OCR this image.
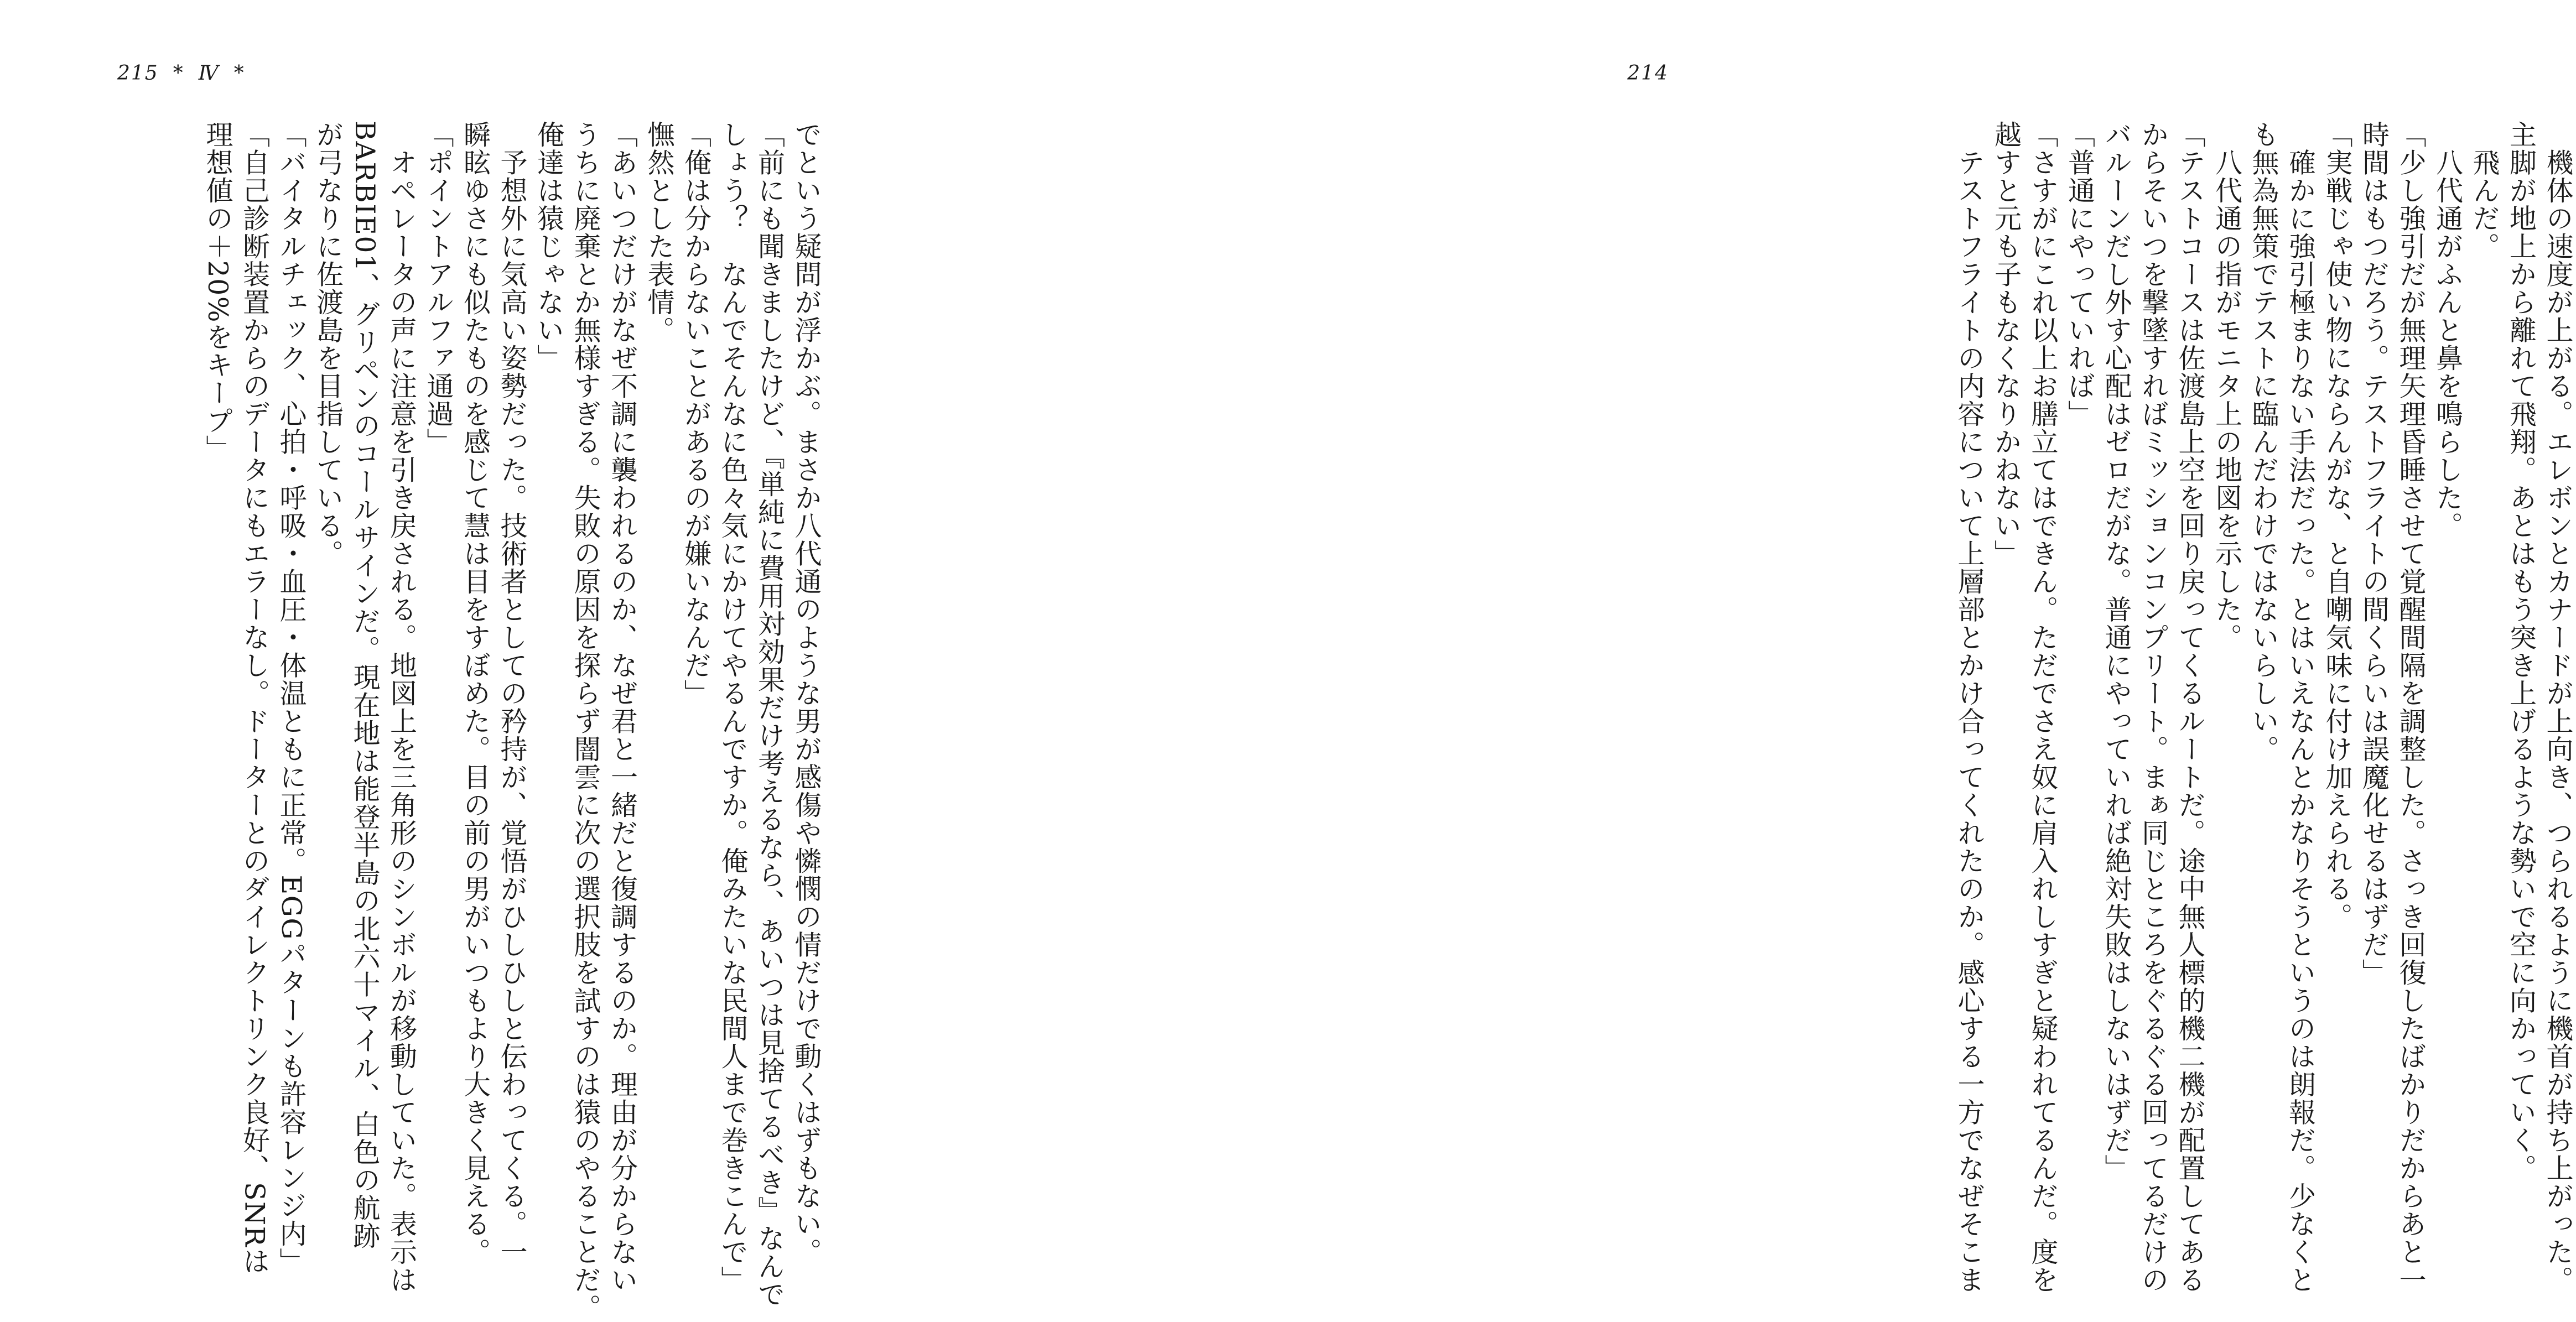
215 * Ⅳ *
でという疑問が浮かぶ。まさか八代通のような男が感傷や憐憫の情だけで動くはずもない。
「前にも聞きましたけど、『単純に費用対効果だけ考えるなら、あいつは見捨てるべき』なんで
しょう？　なんでそんなに色々気にかけてやるんですか。俺みたいな民間人まで巻きこんで」
「俺は分からないことがあるのが嫌いなんだ」
憮然とした表情。
「あいつだけがなぜ不調に襲われるのか、なぜ君と一緒だと復調するのか。理由が分からない
うちに廃棄とか無様すぎる。失敗の原因を探らず闇雲に次の選択肢を試すのは猿のやることだ。
俺達は猿じゃない」
　予想外に気高い姿勢だった。技術者としての矜持が、覚悟がひしひしと伝わってくる。一
瞬眩ゆさにも似たものを感じて慧は目をすぼめた。目の前の男がいつもより大きく見える。
「ポイントアルファ通過」
　オペレータの声に注意を引き戻される。地図上を三角形のシンボルが移動していた。表示は
BARBIE01、グリペンのコールサインだ。現在地は能登半島の北六十マイル、白色の航跡
が弓なりに佐渡島を目指している。
「バイタルチェック、心拍・呼吸・血圧・体温ともに正常。EGGパターンも許容レンジ内」
「自己診断装置からのデータにもエラーなし。ドーターとのダイレクトリンク良好、SNRは
理想値の＋20%をキープ」
214
　機体の速度が上がる。エレボンとカナードが上向き、つられるように機首が持ち上がった。
主脚が地上から離れて飛翔。あとはもう突き上げるような勢いで空に向かっていく。
　飛んだ。
　八代通がふんと鼻を鳴らした。
「少し強引だが無理矢理昏睡させて覚醒間隔を調整した。さっき回復したばかりだからあと一
時間はもつだろう。テストフライトの間くらいは誤魔化せるはずだ」
「実戦じゃ使い物にならんがな、と自嘲気味に付け加えられる。
　確かに強引極まりない手法だった。とはいえなんとかなりそうというのは朗報だ。少なくと
も無為無策でテストに臨んだわけではないらしい。
　八代通の指がモニタ上の地図を示した。
「テストコースは佐渡島上空を回り戻ってくるルートだ。途中無人標的機二機が配置してある
からそいつを撃墜すればミッションコンプリート。まぁ同じところをぐるぐる回ってるだけの
バルーンだし外す心配はゼロだがな。普通にやっていれば絶対失敗はしないはずだ」
「普通にやっていれば」
「さすがにこれ以上お膳立てはできん。ただでさえ奴に肩入れしすぎと疑われてるんだ。度を
越すと元も子もなくなりかねない」
　テストフライトの内容について上層部とかけ合ってくれたのか。感心する一方でなぜそこま
